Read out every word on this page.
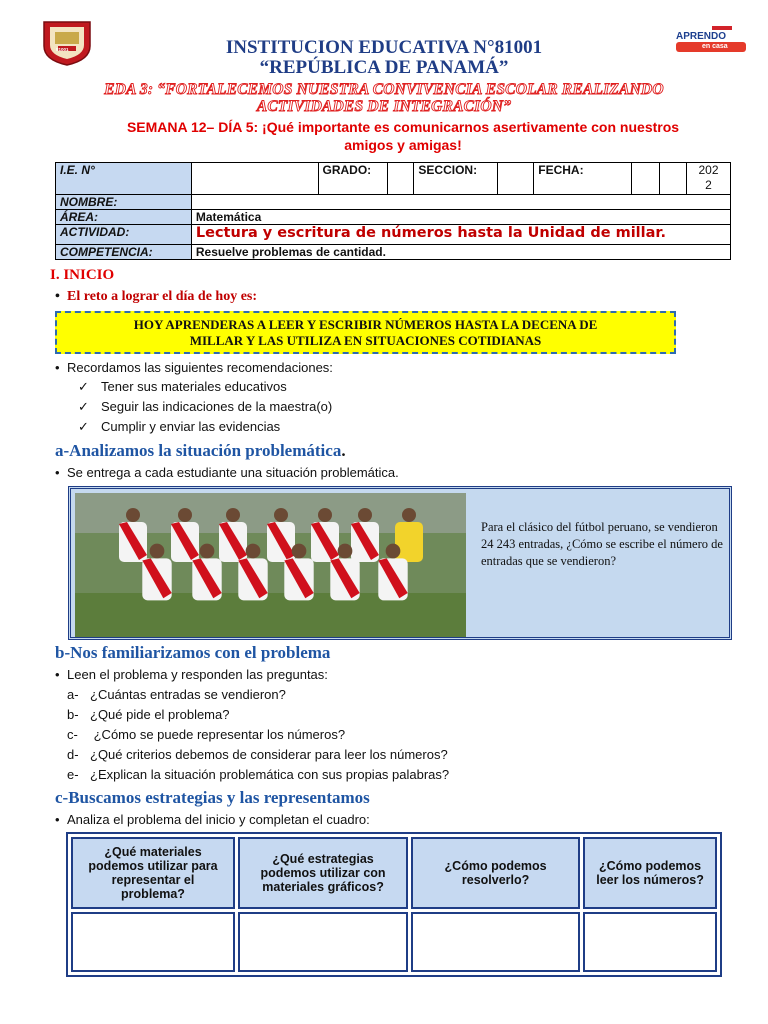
81001
APRENDO
en casa
INSTITUCION EDUCATIVA N°81001
“REPÚBLICA DE PANAMÁ”
EDA 3: “FORTALECEMOS NUESTRA CONVIVENCIA ESCOLAR REALIZANDO
ACTIVIDADES DE INTEGRACIÓN”
SEMANA 12– DÍA 5: ¡Qué importante es comunicarnos asertivamente con nuestros
amigos y amigas!
I.E. N°		GRADO:		SECCION:		FECHA:			202
2

NOMBRE:									
ÁREA:	Matemática								
ACTIVIDAD:	Lectura y escritura de números hasta la Unidad de millar.								
COMPETENCIA:	Resuelve problemas de cantidad.								
I. INICIO
• El reto a lograr el día de hoy es:
HOY APRENDERAS A LEER Y ESCRIBIR NÚMEROS HASTA LA DECENA DE
MILLAR Y LAS UTILIZA EN SITUACIONES COTIDIANAS
• Recordamos las siguientes recomendaciones:
✓ Tener sus materiales educativos
✓ Seguir las indicaciones de la maestra(o)
✓ Cumplir y enviar las evidencias
a-Analizamos la situación problemática.
• Se entrega a cada estudiante una situación problemática.
Para el clásico del fútbol peruano, se vendieron 24 243 entradas, ¿Cómo se escribe el número de entradas que se vendieron?
b-Nos familiarizamos con el problema
• Leen el problema y responden las preguntas:
a- ¿Cuántas entradas se vendieron?
b- ¿Qué pide el problema?
c- ¿Cómo se puede representar los números?
d- ¿Qué criterios debemos de considerar para leer los números?
e- ¿Explican la situación problemática con sus propias palabras?
c-Buscamos estrategias y las representamos
• Analiza el problema del inicio y completan el cuadro:
¿Qué materiales podemos utilizar para representar el problema?	¿Qué estrategias podemos utilizar con materiales gráficos?	¿Cómo podemos resolverlo?	¿Cómo podemos leer los números?
